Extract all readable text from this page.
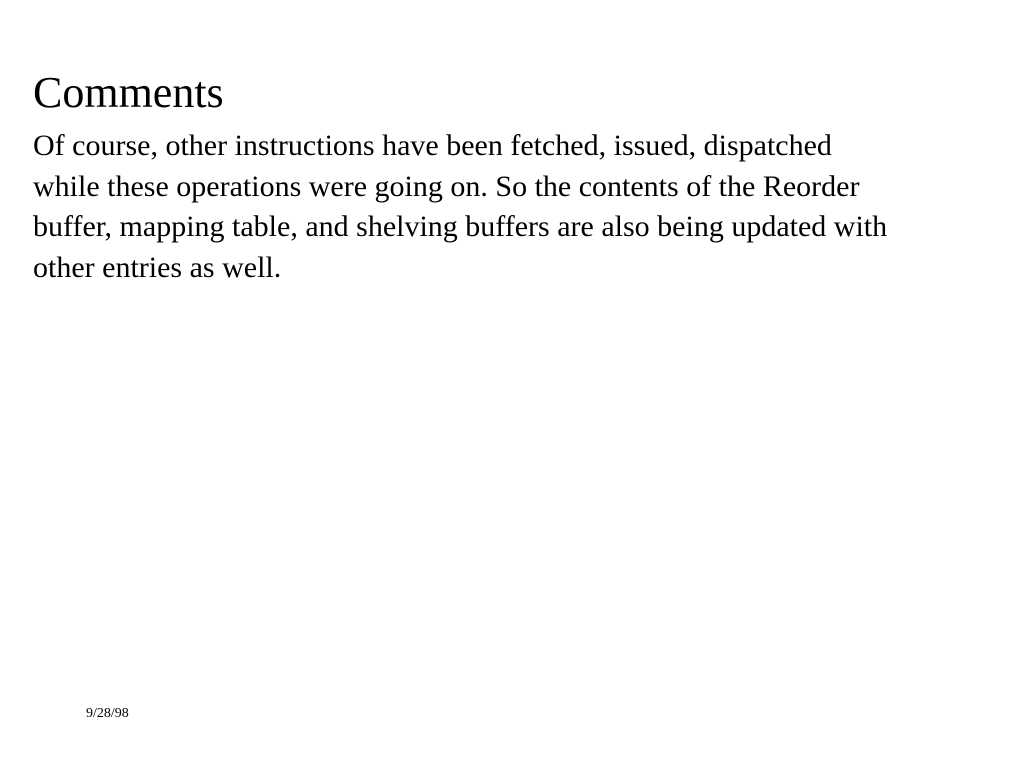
Comments
Of course, other instructions have been fetched, issued, dispatched while these operations were going on. So the contents of the Reorder buffer, mapping table, and shelving buffers are also being updated with other entries as well.
9/28/98
